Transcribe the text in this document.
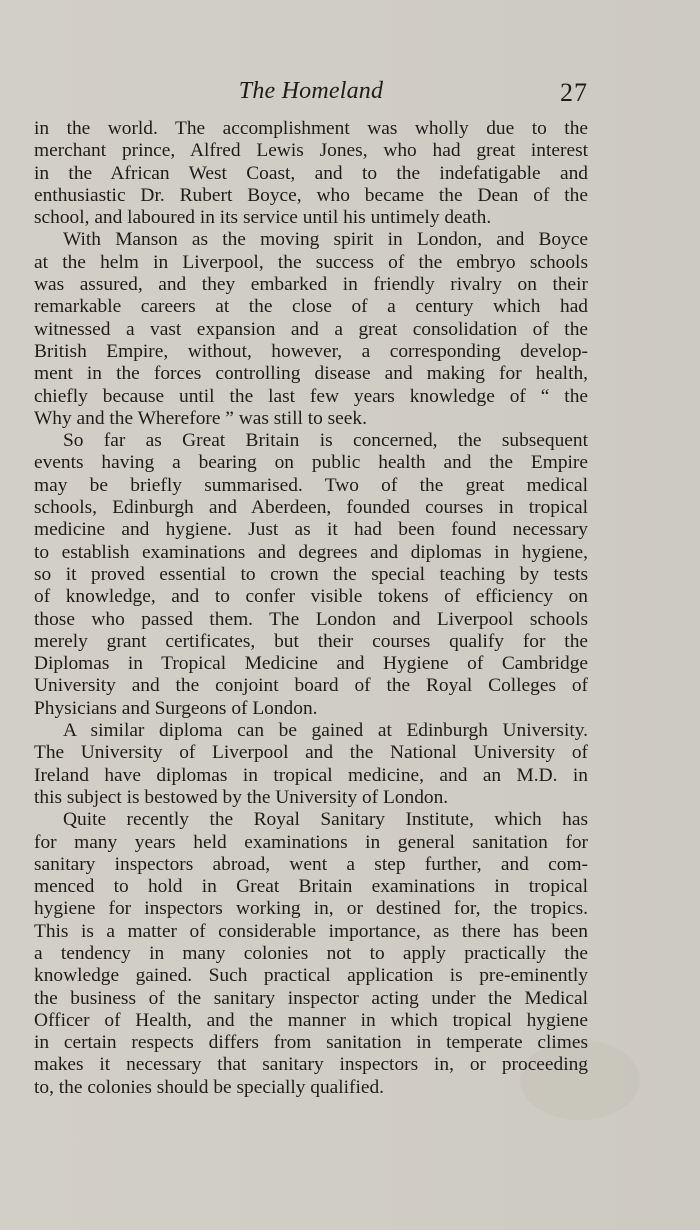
The Homeland	27
in the world. The accomplishment was wholly due to the
merchant prince, Alfred Lewis Jones, who had great interest
in the African West Coast, and to the indefatigable and
enthusiastic Dr. Rubert Boyce, who became the Dean of the
school, and laboured in its service until his untimely death.
With Manson as the moving spirit in London, and Boyce
at the helm in Liverpool, the success of the embryo schools
was assured, and they embarked in friendly rivalry on their
remarkable careers at the close of a century which had
witnessed a vast expansion and a great consolidation of the
British Empire, without, however, a corresponding develop-
ment in the forces controlling disease and making for health,
chiefly because until the last few years knowledge of “ the
Why and the Wherefore ” was still to seek.
So far as Great Britain is concerned, the subsequent
events having a bearing on public health and the Empire
may be briefly summarised. Two of the great medical
schools, Edinburgh and Aberdeen, founded courses in tropical
medicine and hygiene. Just as it had been found necessary
to establish examinations and degrees and diplomas in hygiene,
so it proved essential to crown the special teaching by tests
of knowledge, and to confer visible tokens of efficiency on
those who passed them. The London and Liverpool schools
merely grant certificates, but their courses qualify for the
Diplomas in Tropical Medicine and Hygiene of Cambridge
University and the conjoint board of the Royal Colleges of
Physicians and Surgeons of London.
A similar diploma can be gained at Edinburgh University.
The University of Liverpool and the National University of
Ireland have diplomas in tropical medicine, and an M.D. in
this subject is bestowed by the University of London.
Quite recently the Royal Sanitary Institute, which has
for many years held examinations in general sanitation for
sanitary inspectors abroad, went a step further, and com-
menced to hold in Great Britain examinations in tropical
hygiene for inspectors working in, or destined for, the tropics.
This is a matter of considerable importance, as there has been
a tendency in many colonies not to apply practically the
knowledge gained. Such practical application is pre-eminently
the business of the sanitary inspector acting under the Medical
Officer of Health, and the manner in which tropical hygiene
in certain respects differs from sanitation in temperate climes
makes it necessary that sanitary inspectors in, or proceeding
to, the colonies should be specially qualified.
